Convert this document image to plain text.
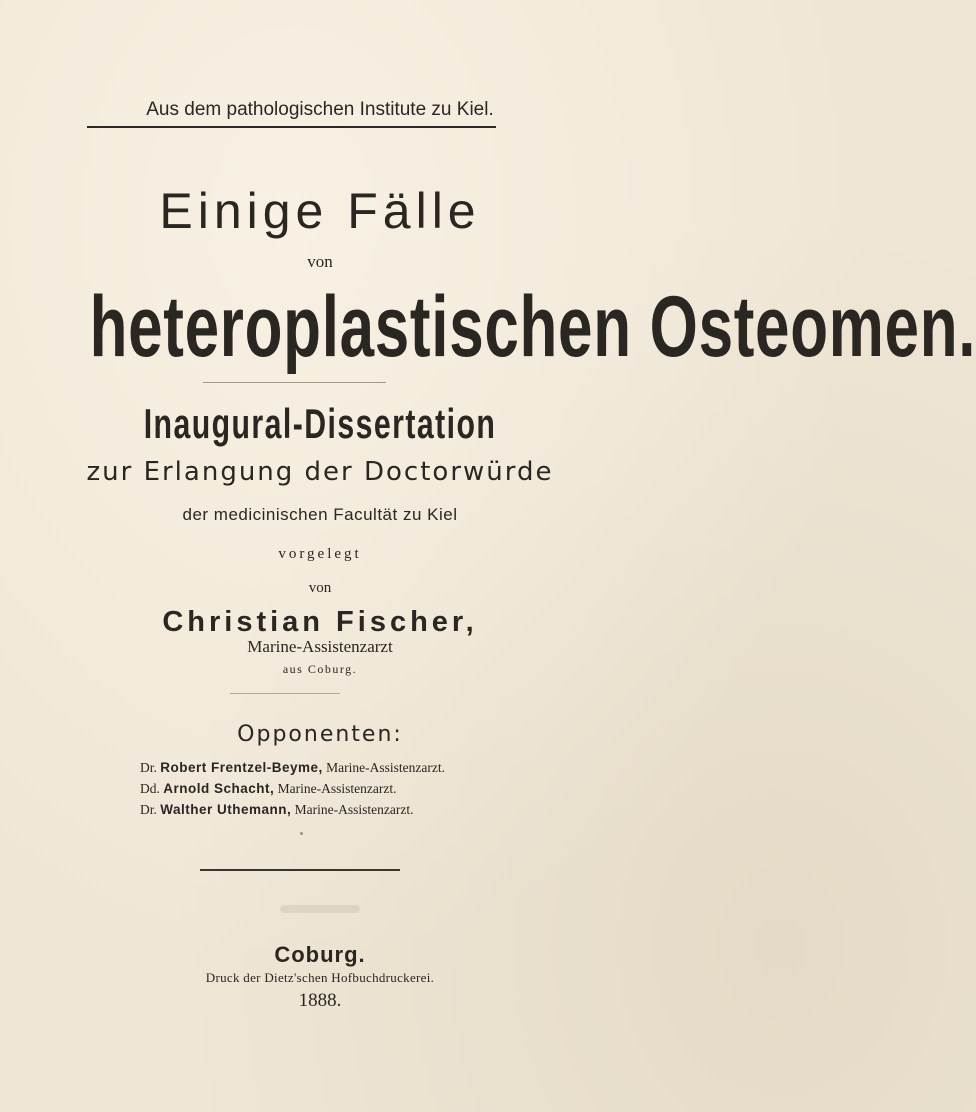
Aus dem pathologischen Institute zu Kiel.
Einige Fälle
von
heteroplastischen Osteomen.
Inaugural-Dissertation
zur Erlangung der Doctorwürde
der medicinischen Facultät zu Kiel
vorgelegt
von
Christian Fischer,
Marine-Assistenzarzt
aus Coburg.
Opponenten:
Dr. Robert Frentzel-Beyme, Marine-Assistenzarzt.
Dd. Arnold Schacht, Marine-Assistenzarzt.
Dr. Walther Uthemann, Marine-Assistenzarzt.
Coburg.
Druck der Dietz'schen Hofbuchdruckerei.
1888.
